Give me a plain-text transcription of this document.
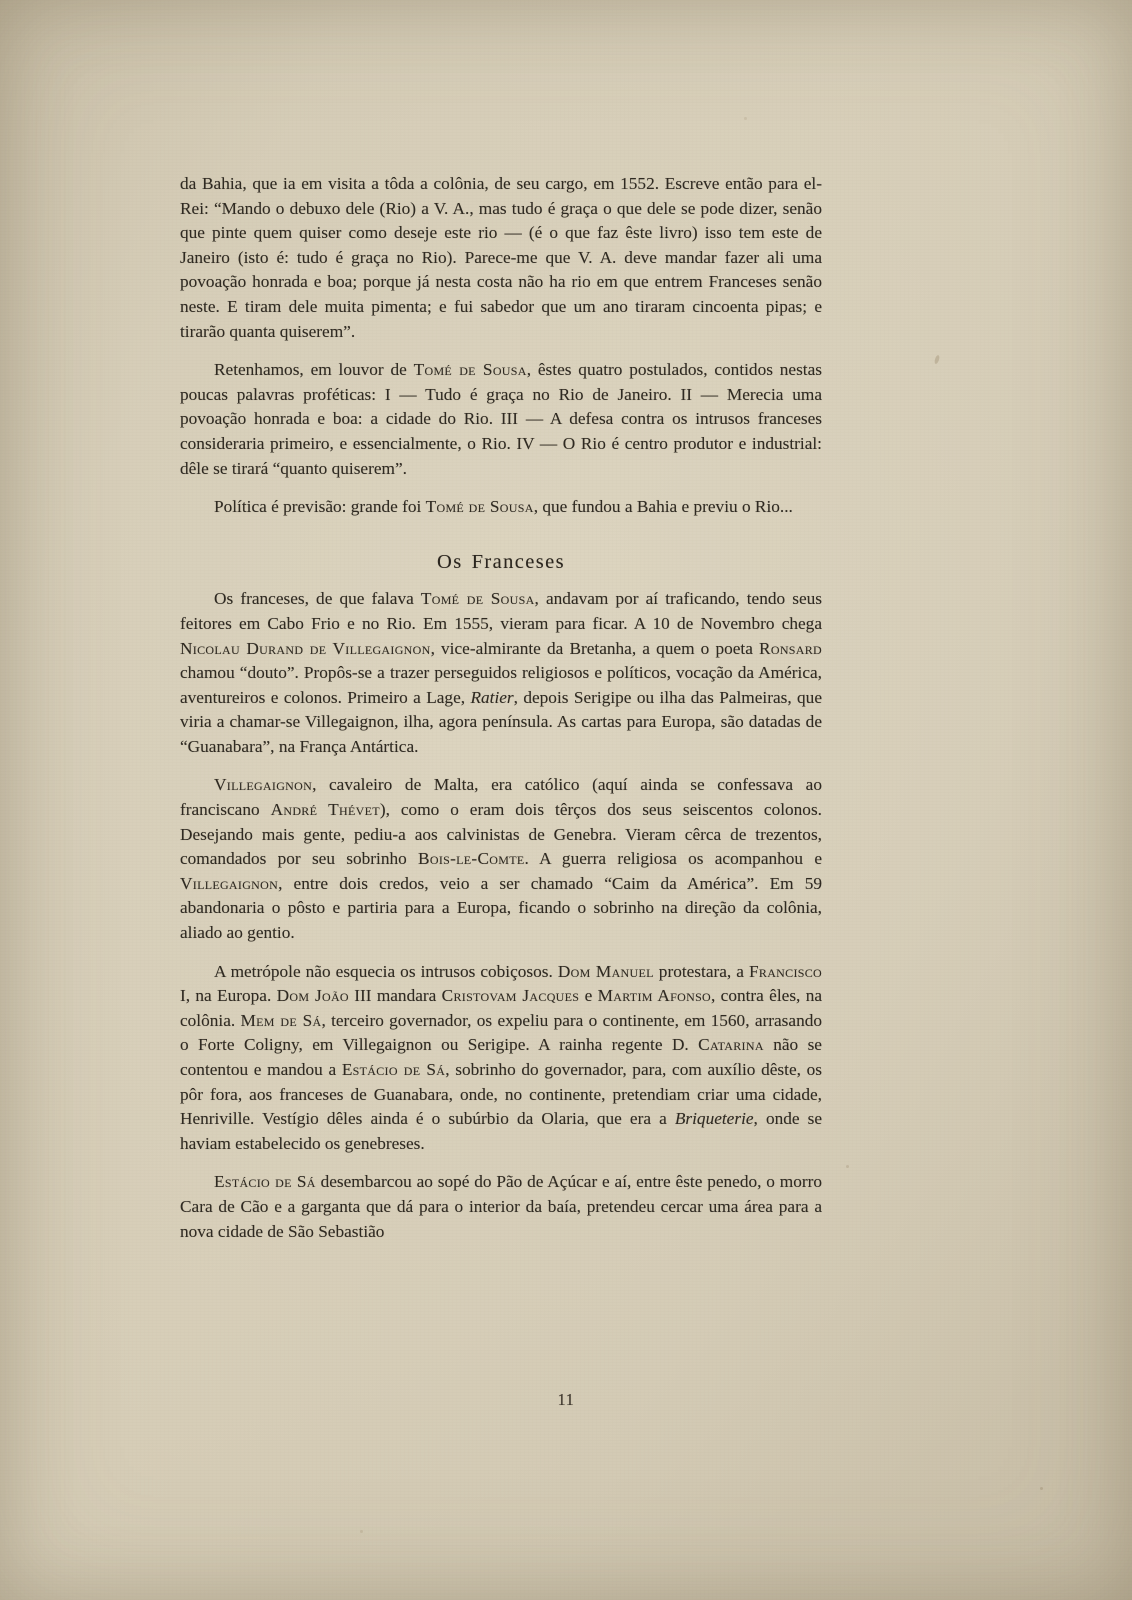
da Bahia, que ia em visita a tôda a colônia, de seu cargo, em 1552. Escreve então para el-Rei: “Mando o debuxo dele (Rio) a V. A., mas tudo é graça o que dele se pode dizer, senão que pinte quem quiser como deseje este rio — (é o que faz êste livro) isso tem este de Janeiro (isto é: tudo é graça no Rio). Parece-me que V. A. deve mandar fazer ali uma povoação honrada e boa; porque já nesta costa não ha rio em que entrem Franceses senão neste. E tiram dele muita pimenta; e fui sabedor que um ano tiraram cincoenta pipas; e tirarão quanta quiserem”.

Retenhamos, em louvor de Tomé de Sousa, êstes quatro postulados, contidos nestas poucas palavras proféticas: I — Tudo é graça no Rio de Janeiro. II — Merecia uma povoação honrada e boa: a cidade do Rio. III — A defesa contra os intrusos franceses consideraria primeiro, e essencialmente, o Rio. IV — O Rio é centro produtor e industrial: dêle se tirará “quanto quiserem”.

Política é previsão: grande foi Tomé de Sousa, que fundou a Bahia e previu o Rio...

Os Franceses

Os franceses, de que falava Tomé de Sousa, andavam por aí traficando, tendo seus feitores em Cabo Frio e no Rio. Em 1555, vieram para ficar. A 10 de Novembro chega Nicolau Durand de Villegaignon, vice-almirante da Bretanha, a quem o poeta Ronsard chamou “douto”. Propôs-se a trazer perseguidos religiosos e políticos, vocação da América, aventureiros e colonos. Primeiro a Lage, Ratier, depois Serigipe ou ilha das Palmeiras, que viria a chamar-se Villegaignon, ilha, agora península. As cartas para Europa, são datadas de “Guanabara”, na França Antártica.

Villegaignon, cavaleiro de Malta, era católico (aquí ainda se confessava ao franciscano André Thévet), como o eram dois têrços dos seus seiscentos colonos. Desejando mais gente, pediu-a aos calvinistas de Genebra. Vieram cêrca de trezentos, comandados por seu sobrinho Bois-le-Comte. A guerra religiosa os acompanhou e Villegaignon, entre dois credos, veio a ser chamado “Caim da América”. Em 59 abandonaria o pôsto e partiria para a Europa, ficando o sobrinho na direção da colônia, aliado ao gentio.

A metrópole não esquecia os intrusos cobiçosos. Dom Manuel protestara, a Francisco I, na Europa. Dom João III mandara Cristovam Jacques e Martim Afonso, contra êles, na colônia. Mem de Sá, terceiro governador, os expeliu para o continente, em 1560, arrasando o Forte Coligny, em Villegaignon ou Serigipe. A rainha regente D. Catarina não se contentou e mandou a Estácio de Sá, sobrinho do governador, para, com auxílio dêste, os pôr fora, aos franceses de Guanabara, onde, no continente, pretendiam criar uma cidade, Henriville. Vestígio dêles ainda é o subúrbio da Olaria, que era a Briqueterie, onde se haviam estabelecido os genebreses.

Estácio de Sá desembarcou ao sopé do Pão de Açúcar e aí, entre êste penedo, o morro Cara de Cão e a garganta que dá para o interior da baía, pretendeu cercar uma área para a nova cidade de São Sebastião

11
